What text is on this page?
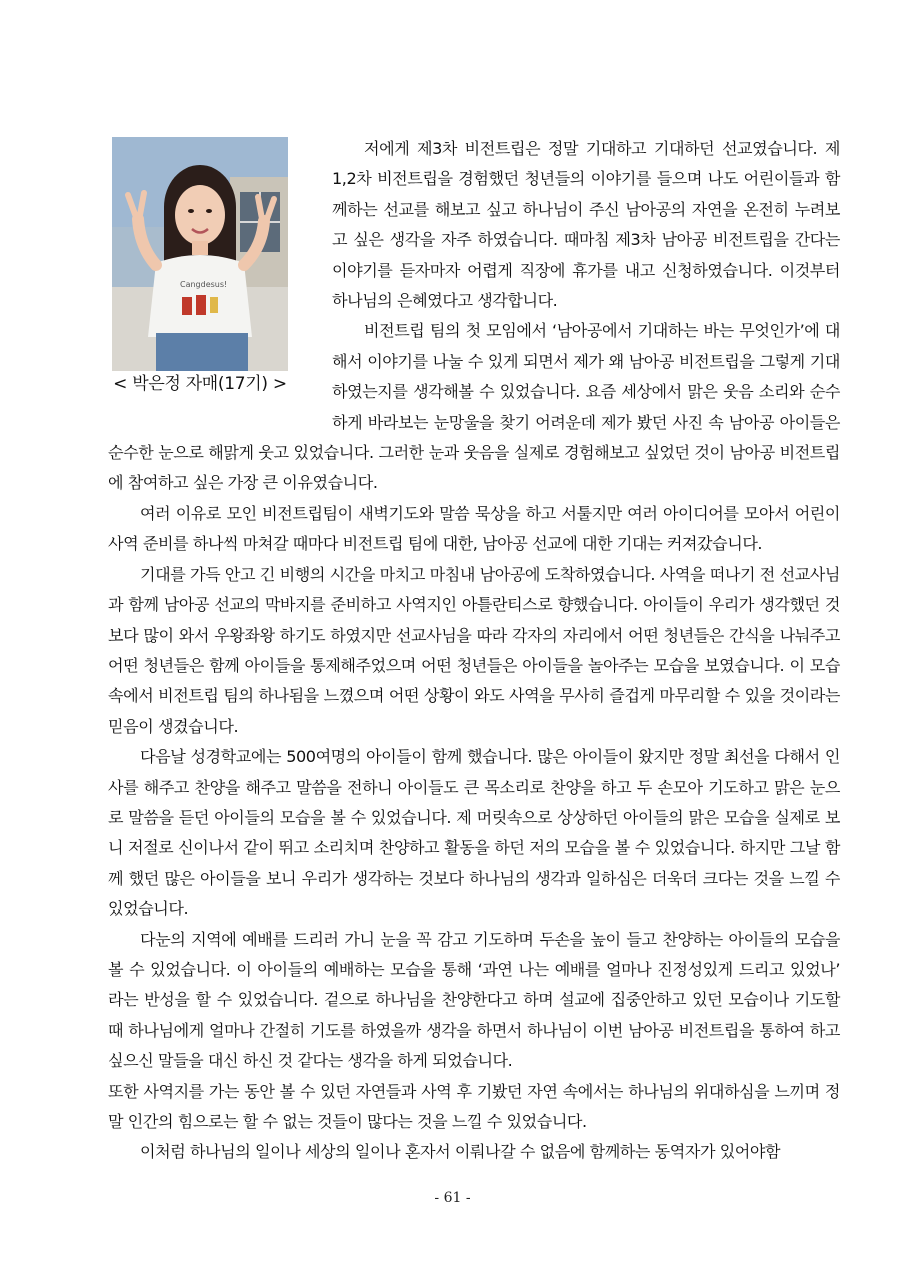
Cangdesus!
< 박은정 자매(17기) >

저에게 제3차 비전트립은 정말 기대하고 기대하던 선교였습니다. 제1,2차 비전트립을 경험했던 청년들의 이야기를 들으며 나도 어린이들과 함께하는 선교를 해보고 싶고 하나님이 주신 남아공의 자연을 온전히 누려보고 싶은 생각을 자주 하였습니다. 때마침 제3차 남아공 비전트립을 간다는 이야기를 듣자마자 어렵게 직장에 휴가를 내고 신청하였습니다. 이것부터 하나님의 은혜였다고 생각합니다.

비전트립 팀의 첫 모임에서 ‘남아공에서 기대하는 바는 무엇인가’에 대해서 이야기를 나눌 수 있게 되면서 제가 왜 남아공 비전트립을 그렇게 기대하였는지를 생각해볼 수 있었습니다. 요즘 세상에서 맑은 웃음 소리와 순수하게 바라보는 눈망울을 찾기 어려운데 제가 봤던 사진 속 남아공 아이들은 순수한 눈으로 해맑게 웃고 있었습니다. 그러한 눈과 웃음을 실제로 경험해보고 싶었던 것이 남아공 비전트립에 참여하고 싶은 가장 큰 이유였습니다.

여러 이유로 모인 비전트립팀이 새벽기도와 말씀 묵상을 하고 서툴지만 여러 아이디어를 모아서 어린이 사역 준비를 하나씩 마쳐갈 때마다 비전트립 팀에 대한, 남아공 선교에 대한 기대는 커져갔습니다.

기대를 가득 안고 긴 비행의 시간을 마치고 마침내 남아공에 도착하였습니다. 사역을 떠나기 전 선교사님과 함께 남아공 선교의 막바지를 준비하고 사역지인 아틀란티스로 향했습니다. 아이들이 우리가 생각했던 것보다 많이 와서 우왕좌왕 하기도 하였지만 선교사님을 따라 각자의 자리에서 어떤 청년들은 간식을 나눠주고 어떤 청년들은 함께 아이들을 통제해주었으며 어떤 청년들은 아이들을 놀아주는 모습을 보였습니다. 이 모습 속에서 비전트립 팀의 하나됨을 느꼈으며 어떤 상황이 와도 사역을 무사히 즐겁게 마무리할 수 있을 것이라는 믿음이 생겼습니다.

다음날 성경학교에는 500여명의 아이들이 함께 했습니다. 많은 아이들이 왔지만 정말 최선을 다해서 인사를 해주고 찬양을 해주고 말씀을 전하니 아이들도 큰 목소리로 찬양을 하고 두 손모아 기도하고 맑은 눈으로 말씀을 듣던 아이들의 모습을 볼 수 있었습니다. 제 머릿속으로 상상하던 아이들의 맑은 모습을 실제로 보니 저절로 신이나서 같이 뛰고 소리치며 찬양하고 활동을 하던 저의 모습을 볼 수 있었습니다. 하지만 그날 함께 했던 많은 아이들을 보니 우리가 생각하는 것보다 하나님의 생각과 일하심은 더욱더 크다는 것을 느낄 수 있었습니다.

다눈의 지역에 예배를 드리러 가니 눈을 꼭 감고 기도하며 두손을 높이 들고 찬양하는 아이들의 모습을 볼 수 있었습니다. 이 아이들의 예배하는 모습을 통해 ‘과연 나는 예배를 얼마나 진정성있게 드리고 있었나’ 라는 반성을 할 수 있었습니다. 겉으로 하나님을 찬양한다고 하며 설교에 집중안하고 있던 모습이나 기도할 때 하나님에게 얼마나 간절히 기도를 하였을까 생각을 하면서 하나님이 이번 남아공 비전트립을 통하여 하고 싶으신 말들을 대신 하신 것 같다는 생각을 하게 되었습니다.

또한 사역지를 가는 동안 볼 수 있던 자연들과 사역 후 기봤던 자연 속에서는 하나님의 위대하심을 느끼며 정말 인간의 힘으로는 할 수 없는 것들이 많다는 것을 느낄 수 있었습니다.

이처럼 하나님의 일이나 세상의 일이나 혼자서 이뤄나갈 수 없음에 함께하는 동역자가 있어야함

- 61 -
